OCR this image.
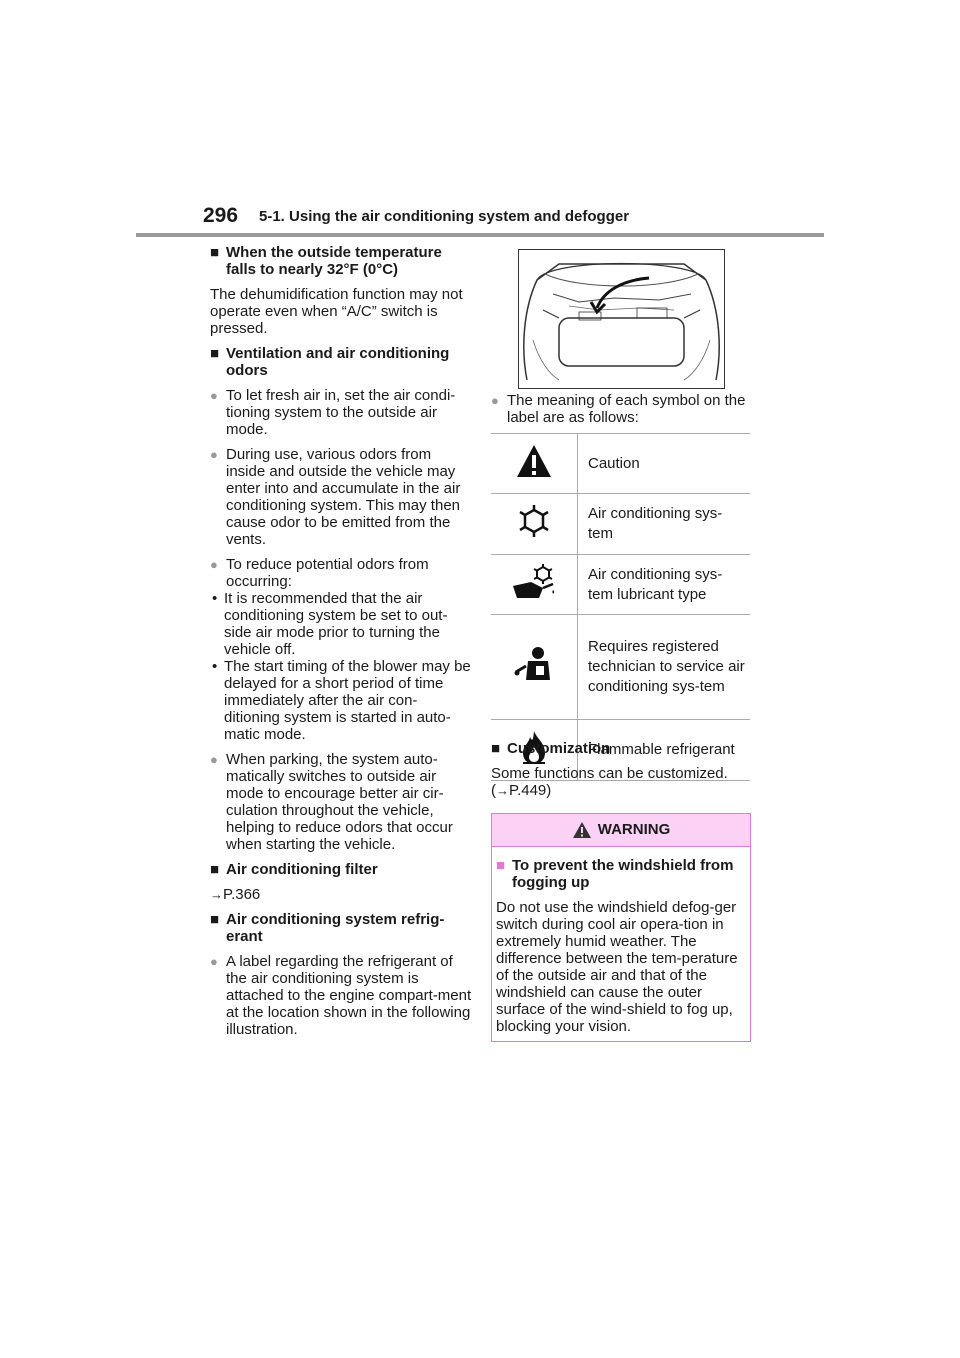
296 5-1. Using the air conditioning system and defogger
■ When the outside temperature falls to nearly 32°F (0°C)
The dehumidification function may not operate even when “A/C” switch is pressed.
■ Ventilation and air conditioning odors
● To let fresh air in, set the air condi-tioning system to the outside air mode.
● During use, various odors from inside and outside the vehicle may enter into and accumulate in the air conditioning system. This may then cause odor to be emitted from the vents.
● To reduce potential odors from occurring:
• It is recommended that the air conditioning system be set to out-side air mode prior to turning the vehicle off.
• The start timing of the blower may be delayed for a short period of time immediately after the air con-ditioning system is started in auto-matic mode.
● When parking, the system auto-matically switches to outside air mode to encourage better air cir-culation throughout the vehicle, helping to reduce odors that occur when starting the vehicle.
■ Air conditioning filter
→P.366
■ Air conditioning system refrig-erant
● A label regarding the refrigerant of the air conditioning system is attached to the engine compart-ment at the location shown in the following illustration.
● The meaning of each symbol on the label are as follows:
	Caution
	Air conditioning sys-tem
	Air conditioning sys-tem lubricant type
	Requires registered technician to service air conditioning sys-tem
	Flammable refrigerant
■ Customization
Some functions can be customized.
(→P.449)
WARNING
■ To prevent the windshield from fogging up
Do not use the windshield defog-ger switch during cool air opera-tion in extremely humid weather. The difference between the tem-perature of the outside air and that of the windshield can cause the outer surface of the wind-shield to fog up, blocking your vision.
